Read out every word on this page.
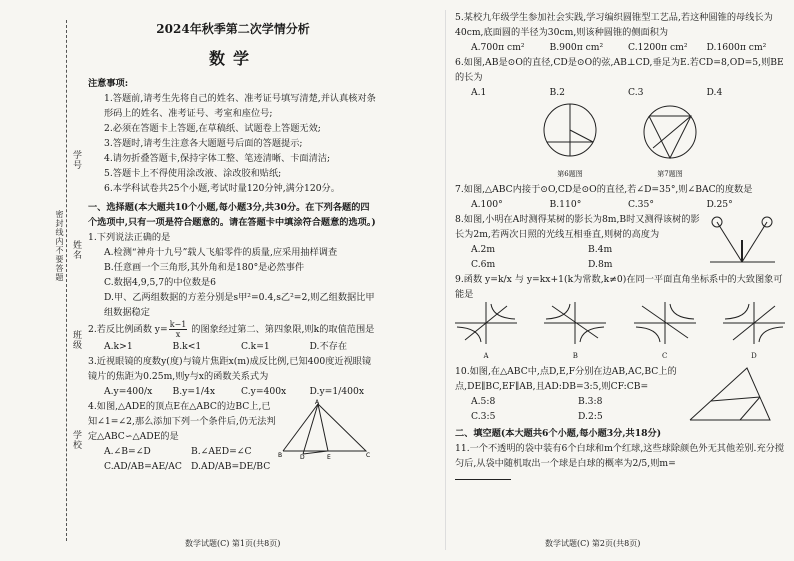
学号
姓名
班级
学校
密封线内不要答题
2024年秋季第二次学情分析
数学
注意事项:
1.答题前,请考生先将自己的姓名、准考证号填写清楚,并认真核对条形码上的姓名、准考证号、考室和座位号;
2.必须在答题卡上答题,在草稿纸、试题卷上答题无效;
3.答题时,请考生注意各大题题号后面的答题提示;
4.请勿折叠答题卡,保持字体工整、笔迹清晰、卡面清洁;
5.答题卡上不得使用涂改液、涂改胶和贴纸;
6.本学科试卷共25个小题,考试时量120分钟,满分120分。
一、选择题(本大题共10个小题,每小题3分,共30分。在下列各题的四个选项中,只有一项是符合题意的。请在答题卡中填涂符合题意的选项。)
1.下列说法正确的是
A.检测“神舟十九号”载人飞船零件的质量,应采用抽样调查
B.任意画一个三角形,其外角和是180°是必然事件
C.数据4,9,5,7的中位数是6
D.甲、乙两组数据的方差分别是s甲²=0.4,s乙²=2,则乙组数据比甲组数据稳定
2.若反比例函数 $y= \frac{k-1}{x}$ 的图象经过第二、第四象限,则k的取值范围是
A.k>1	B.k<1	C.k=1	D.不存在
3.近视眼镜的度数y(度)与镜片焦距x(m)成反比例,已知400度近视眼镜镜片的焦距为0.25m,则y与x的函数关系式为
A.y=400/x	B.y=1/4x	C.y=400x	D.y=1/400x
4.如图,△ADE的顶点E在△ABC的边BC上,已知∠1=∠2,那么添加下列一个条件后,仍无法判定△ABC∽△ADE的是
A.∠B=∠D	B.∠AED=∠C
C.AD/AB=AE/AC D.AD/AB=DE/BC
A
B	C
D	E
数学试题(C) 第1页(共8页)
5.某校九年级学生参加社会实践,学习编织圆锥型工艺品,若这种圆锥的母线长为40cm,底面圆的半径为30cm,则该种圆锥的侧面积为
A.700π cm²	B.900π cm²	C.1200π cm²	D.1600π cm²
6.如图,AB是⊙O的直径,CD是⊙O的弦,AB⊥CD,垂足为E.若CD=8,OD=5,则BE的长为
A.1	B.2	C.3	D.4
第6题图	第7题图
7.如图,△ABC内接于⊙O,CD是⊙O的直径,若∠D=35°,则∠BAC的度数是
A.100°	B.110°	C.35°	D.25°
8.如图,小明在A时测得某树的影长为8m,B时又测得该树的影长为2m,若两次日照的光线互相垂直,则树的高度为
A.2m	B.4m
C.6m	D.8m
9.函数 y=k/x 与 y=kx+1(k为常数,k≠0)在同一平面直角坐标系中的大致图象可能是
A	B	C	D
10.如图,在△ABC中,点D,E,F分别在边AB,AC,BC上的点,DE∥BC,EF∥AB,且AD:DB=3:5,则CF:CB=
A.5:8	B.3:8
C.3:5	D.2:5
二、填空题(本大题共6个小题,每小题3分,共18分)
11.一个不透明的袋中装有6个白球和m个红球,这些球除颜色外无其他差别.充分搅匀后,从袋中随机取出一个球是白球的概率为2/5,则m=
数学试题(C) 第2页(共8页)
